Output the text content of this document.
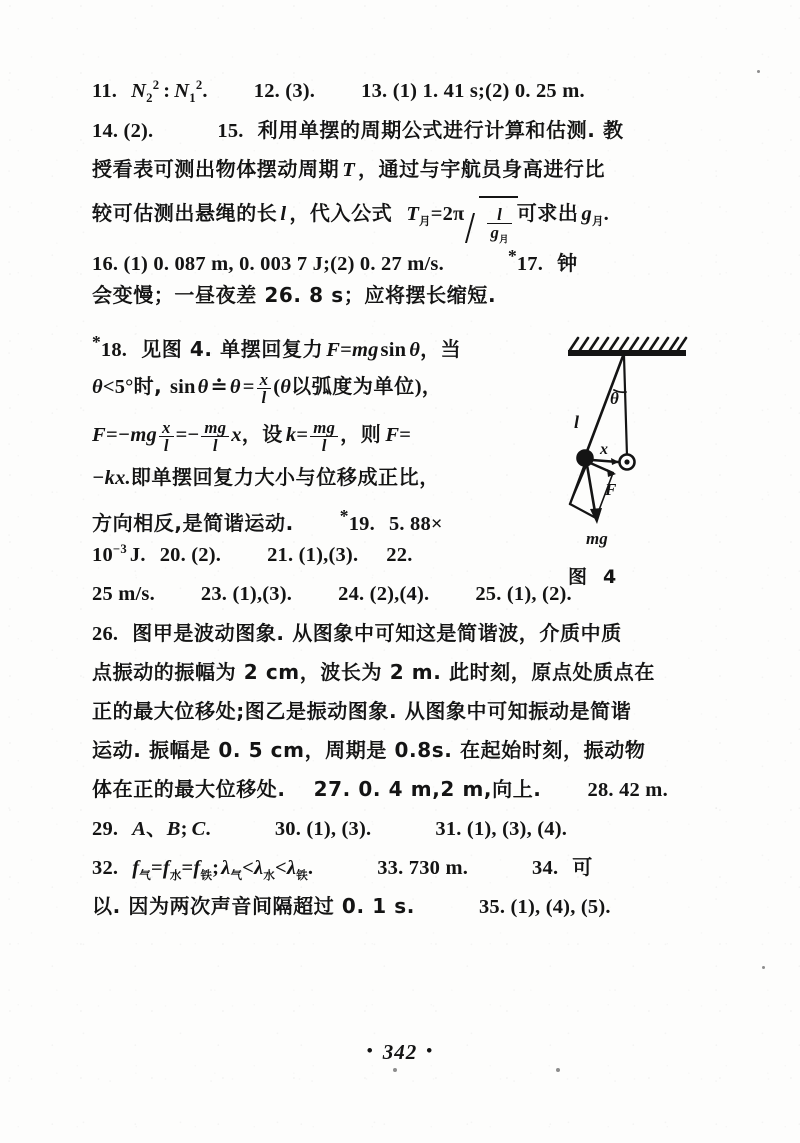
11. $N_2^2$ : $N_1^2$. 12. (3). 13. (1) 1. 41 s;(2) 0. 25 m.
14. (2).	15. 利用单摆的周期公式进行计算和估测. 教
授看表可测出物体摆动周期 T ，通过与宇航员身高进行比
较可估测出悬绳的长 l ，代入公式 $T_月=2\pi \frac{l}{g_月}$ 可求出 $g_月$.
16. (1) 0. 087 m, 0. 003 7 J;(2) 0. 27 m/s.	*17. 钟
会变慢；一昼夜差 26. 8 s；应将摆长缩短.
*18. 见图 4. 单摆回复力 F=mgsin θ，当
θ<5°时, sinθ≐θ= $\frac{x}{l} (\theta$以弧度为单位)，
$F=-mg \frac{x}{l} =- \frac{mg}{l}$ x，设 $k= \frac{mg}{l}$ ，则 F=
−kx.即单摆回复力大小与位移成正比，
方向相反,是简谐运动.	*19. 5. 88×
$10^{-3}$ J. 20. (2). 21. (1),(3). 22.
25 m/s. 23. (1),(3). 24. (2),(4). 25. (1), (2).
26. 图甲是波动图象. 从图象中可知这是简谐波，介质中质
点振动的振幅为 2 cm，波长为 2 m. 此时刻，原点处质点在
正的最大位移处;图乙是振动图象. 从图象中可知振动是简谐
运动. 振幅是 0. 5 cm，周期是 0.8s. 在起始时刻，振动物
体在正的最大位移处. 27. 0. 4 m,2 m,向上. 28. 42 m.
29. A、B; C.	30. (1), (3).	31. (1), (3), (4).
32. $f_气=f_水=f_铁;\lambda_气<\lambda_水<\lambda_铁$.	33. 730 m.	34. 可
以. 因为两次声音间隔超过 0. 1 s.	35. (1), (4), (5).
θ
l
x
F
mg
图4
• 342 •
